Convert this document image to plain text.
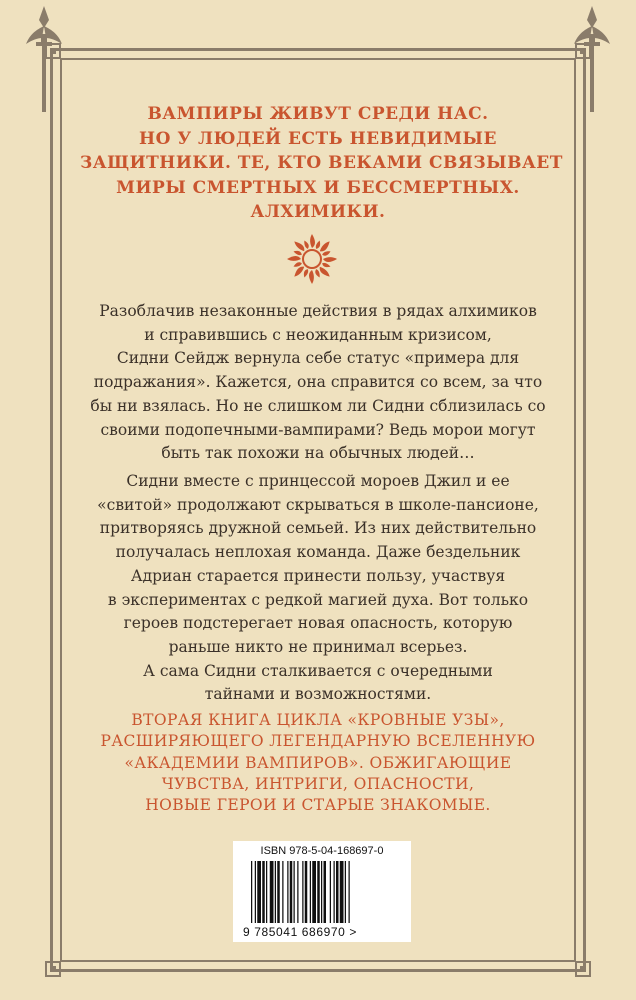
ВАМПИРЫ ЖИВУТ СРЕДИ НАС.
НО У ЛЮДЕЙ ЕСТЬ НЕВИДИМЫЕ
ЗАЩИТНИКИ. ТЕ, КТО ВЕКАМИ СВЯЗЫВАЕТ
МИРЫ СМЕРТНЫХ И БЕССМЕРТНЫХ.
АЛХИМИКИ.
Разоблачив незаконные действия в рядах алхимиков
и справившись с неожиданным кризисом,
Сидни Сейдж вернула себе статус «примера для
подражания». Кажется, она справится со всем, за что
бы ни взялась. Но не слишком ли Сидни сблизилась со
своими подопечными-вампирами? Ведь морои могут
быть так похожи на обычных людей…
Сидни вместе с принцессой мороев Джил и ее
«свитой» продолжают скрываться в школе-пансионе,
притворяясь дружной семьей. Из них действительно
получалась неплохая команда. Даже бездельник
Адриан старается принести пользу, участвуя
в экспериментах с редкой магией духа. Вот только
героев подстерегает новая опасность, которую
раньше никто не принимал всерьез.
А сама Сидни сталкивается с очередными
тайнами и возможностями.
ВТОРАЯ КНИГА ЦИКЛА «КРОВНЫЕ УЗЫ»,
РАСШИРЯЮЩЕГО ЛЕГЕНДАРНУЮ ВСЕЛЕННУЮ
«АКАДЕМИИ ВАМПИРОВ». ОБЖИГАЮЩИЕ
ЧУВСТВА, ИНТРИГИ, ОПАСНОСТИ,
НОВЫЕ ГЕРОИ И СТАРЫЕ ЗНАКОМЫЕ.
ISBN 978-5-04-168697-0
9 785041 686970 >
